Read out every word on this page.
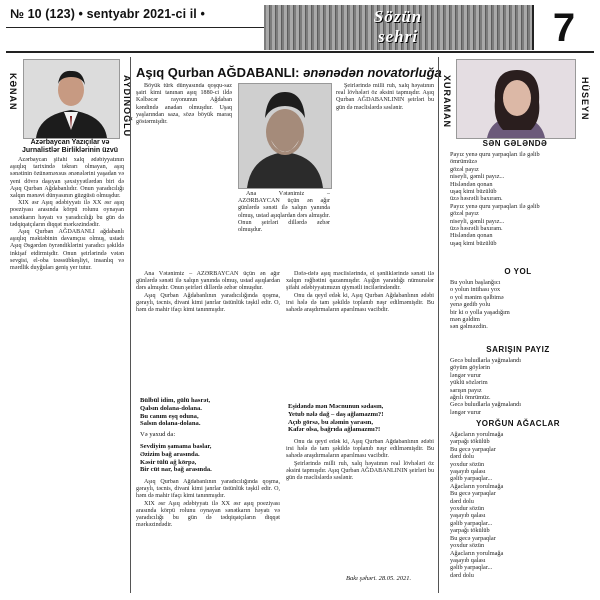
№ 10 (123) • sentyabr 2021-ci il •	Sözün
sehri	7
KƏNAN	AYDINOĞLU
Azərbaycan Yazıçılar və Jurnalistlər Birliklərinin üzvü
Aşıq Qurban AĞDABANLI: ənənədən novatorluğa

Azərbaycan şifahi xalq ədəbiyyatının aşıqlıq tarixində təkrarı olmayan, aşıq sənətinin özünəməxsus ənənələrini yaşadan və yeni dövrə daşıyan şəxsiyyətlərdən biri də Aşıq Qurban Ağdabanlıdır. Onun yaradıcılığı xalqın mənəvi dünyasının güzgüsü olmuşdur.

XIX əsr Aşıq ədəbiyyatı ilə XX əsr aşıq poeziyası arasında körpü rolunu oynayan sənətkarın həyatı və yaradıcılığı bu gün də tədqiqatçıların diqqət mərkəzindədir.

Aşıq Qurban AĞDABANLI ağdabanlı aşıqlıq məktəbinin davamçısı olmuş, ustadı Aşıq Əsgərdən öyrəndiklərini yaradıcı şəkildə inkişaf etdirmişdir. Onun şeirlərində vətən sevgisi, el-oba təəssübkeşliyi, insanlıq və mərdlik duyğuları geniş yer tutur.

Böyük türk dünyasında qoşqu-saz şairi kimi tanınan aşıq 1880-ci ildə Kəlbəcər rayonunun Ağdaban kəndində anadan olmuşdur. Uşaq yaşlarından saza, sözə böyük maraq göstərmişdir.

Ana Vətənimiz – AZƏRBAYCAN üçün ən ağır günlərdə sənəti ilə xalqın yanında olmuş, ustad aşıqlardan dərs almışdır. Onun şeirləri dillərdə əzbər olmuşdur.

Ana Vətənimiz – AZƏRBAYCAN üçün ən ağır günlərdə sənəti ilə xalqın yanında olmuş, ustad aşıqlardan dərs almışdır. Onun şeirləri dillərdə əzbər olmuşdur.

Aşıq Qurban Ağdabanlının yaradıcılığında qoşma, gəraylı, təcnis, divani kimi janrlar üstünlük təşkil edir. O, həm də mahir ifaçı kimi tanınmışdır.

Bülbül idim, gülü hasrət,
Qalsın dolana-dolana.
Bu canım eşq oduna,
Salsın dolana-dolana.
Və yaxud da:
Sevdiyim şamama baslar,
Əzizim bağ arasında.
Kəsir tülü ağ körpə,
Bir cüt nar, bağ arasında.

Aşıq Qurban Ağdabanlının yaradıcılığında qoşma, gəraylı, təcnis, divani kimi janrlar üstünlük təşkil edir. O, həm də mahir ifaçı kimi tanınmışdır.

XIX əsr Aşıq ədəbiyyatı ilə XX əsr aşıq poeziyası arasında körpü rolunu oynayan sənətkarın həyatı və yaradıcılığı bu gün də tədqiqatçıların diqqət mərkəzindədir.

Şeirlərində milli ruh, xalq həyatının real lövhələri öz əksini tapmışdır. Aşıq Qurban AĞDABANLININ şeirləri bu gün də məclislərdə səslənir.

Dəfə-dəfə aşıq məclislərində, el şənliklərində sənəti ilə xalqın rəğbətini qazanmışdır. Aşığın yaratdığı nümunələr şifahi ədəbiyyatımızın qiymətli incilərindəndir.

Onu da qeyd edək ki, Aşıq Qurban Ağdabanlının ədəbi irsi hələ də tam şəkildə toplanıb nəşr edilməmişdir. Bu sahədə araşdırmaların aparılması vacibdir.

Eşidəndə mən Məcnunun sədasın,
Yetub nələ dağ – daş ağlamazmı?!
Açıb görsə, bu ələmin yarasın,
Kafər olsa, bağrıda ağlamazmı?!

Onu da qeyd edək ki, Aşıq Qurban Ağdabanlının ədəbi irsi hələ də tam şəkildə toplanıb nəşr edilməmişdir. Bu sahədə araşdırmaların aparılması vacibdir.

Şeirlərində milli ruh, xalq həyatının real lövhələri öz əksini tapmışdır. Aşıq Qurban AĞDABANLININ şeirləri bu gün də məclislərdə səslənir.

Bakı şəhəri. 28.05. 2021.
XURAMAN	HÜSEYN
SƏN GƏLƏNDƏ
Payız yenə quru yarpaqları ilə gəlib
ömrümüzə
gözəl payız
niseyli, gəmli payız...
Hisləndən qonan
uşaq kimi büzülüb
üzə həsrətli baxıram.
Payız yenə quru yarpaqları ilə gəlib
gözəl payız
niseyli, gəmli payız...
üzə həsrətli baxıram.
Hisləndən qonan
uşaq kimi büzülüb
O YOL
Bu yolun başlanğıcı
o yolun intihası yox
o yol mənim qəlbimə
yenə gedib yolu
bir ki o yolla yaşadığım
mən gəldim
sən gəlməzdin.
SARIŞIN PAYIZ
Gecə buludlarla yağmalandı
göyüm göylərin
ləngər vurur
yüklü sözlərim
sarışın payız
ağrılı ömrümüz.
Gecə buludlarla yağmalandı
ləngər vurur
YORĞUN AĞACLAR
Ağacların yorulmağa
yarpağı tökülüb
Bu gecə yarpaqlar
dərd dolu
yoxdur sözün
yaşayıb qalası
gəlib yarpaqlar...
Ağacların yorulmağa
Bu gecə yarpaqlar
dərd dolu
yoxdur sözün
yaşayıb qalası
gəlib yarpaqlar...
yarpağı tökülüb
Bu gecə yarpaqlar
yoxdur sözün
Ağacların yorulmağa
yaşayıb qalası
gəlib yarpaqlar...
dərd dolu
